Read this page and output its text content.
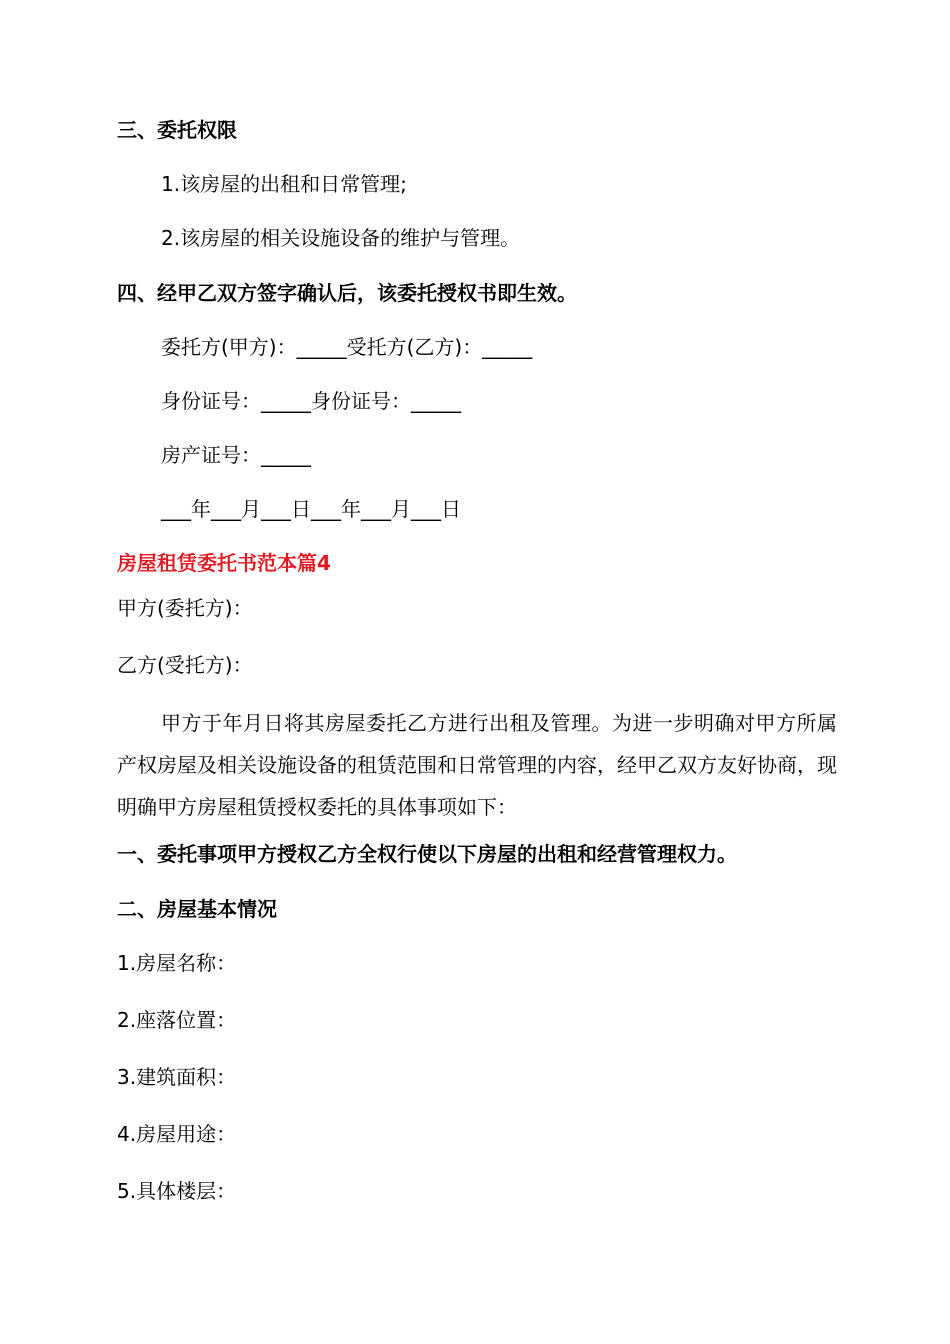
三、委托权限
1.该房屋的出租和日常管理;
2.该房屋的相关设施设备的维护与管理。
四、经甲乙双方签字确认后，该委托授权书即生效。
委托方(甲方)：_____受托方(乙方)：_____
身份证号：_____身份证号：_____
房产证号：_____
___年___月___日___年___月___日
房屋租赁委托书范本篇4
甲方(委托方)：
乙方(受托方)：
甲方于年月日将其房屋委托乙方进行出租及管理。为进一步明确对甲方所属产权房屋及相关设施设备的租赁范围和日常管理的内容，经甲乙双方友好协商，现明确甲方房屋租赁授权委托的具体事项如下：
一、委托事项甲方授权乙方全权行使以下房屋的出租和经营管理权力。
二、房屋基本情况
1.房屋名称：
2.座落位置：
3.建筑面积：
4.房屋用途：
5.具体楼层：
